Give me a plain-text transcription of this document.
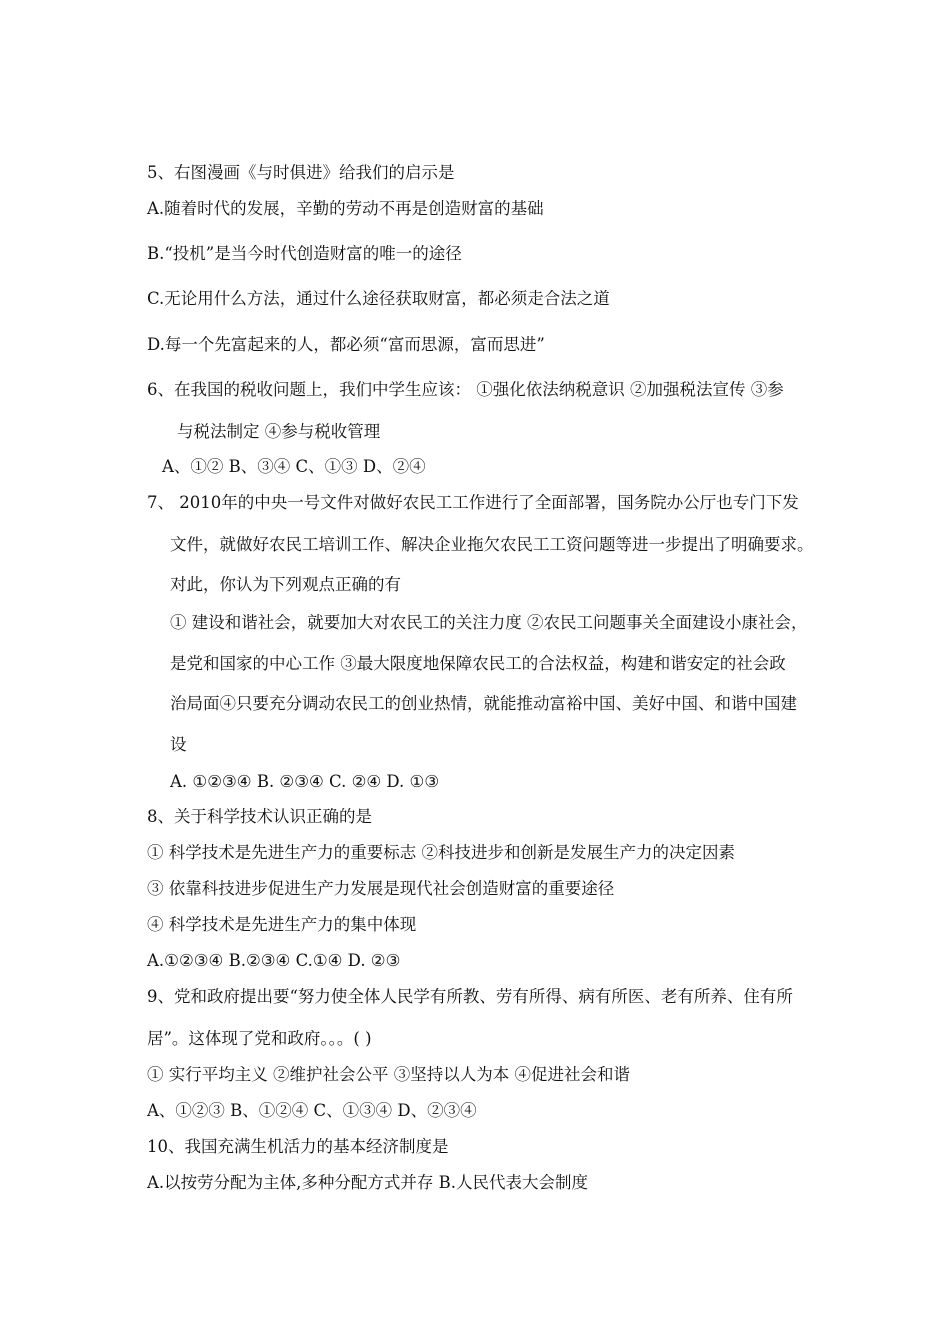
5、右图漫画《与时俱进》给我们的启示是
A.随着时代的发展，辛勤的劳动不再是创造财富的基础
B.“投机”是当今时代创造财富的唯一的途径
C.无论用什么方法，通过什么途径获取财富，都必须走合法之道
D.每一个先富起来的人，都必须“富而思源，富而思进”
6、在我国的税收问题上，我们中学生应该： ①强化依法纳税意识 ②加强税法宣传 ③参
与税法制定 ④参与税收管理
A、①② B、③④ C、①③ D、②④
7、 2010年的中央一号文件对做好农民工工作进行了全面部署，国务院办公厅也专门下发
文件，就做好农民工培训工作、解决企业拖欠农民工工资问题等进一步提出了明确要求。
对此，你认为下列观点正确的有
① 建设和谐社会，就要加大对农民工的关注力度 ②农民工问题事关全面建设小康社会，
是党和国家的中心工作 ③最大限度地保障农民工的合法权益，构建和谐安定的社会政
治局面④只要充分调动农民工的创业热情，就能推动富裕中国、美好中国、和谐中国建
设
A. ①②③④ B. ②③④ C. ②④ D. ①③
8、关于科学技术认识正确的是
① 科学技术是先进生产力的重要标志 ②科技进步和创新是发展生产力的决定因素
③ 依靠科技进步促进生产力发展是现代社会创造财富的重要途径
④ 科学技术是先进生产力的集中体现
A.①②③④ B.②③④ C.①④ D. ②③
9、党和政府提出要“努力使全体人民学有所教、劳有所得、病有所医、老有所养、住有所
居”。这体现了党和政府。。。( )
① 实行平均主义 ②维护社会公平 ③坚持以人为本 ④促进社会和谐
A、①②③ B、①②④ C、①③④ D、②③④
10、我国充满生机活力的基本经济制度是
A.以按劳分配为主体,多种分配方式并存 B.人民代表大会制度
